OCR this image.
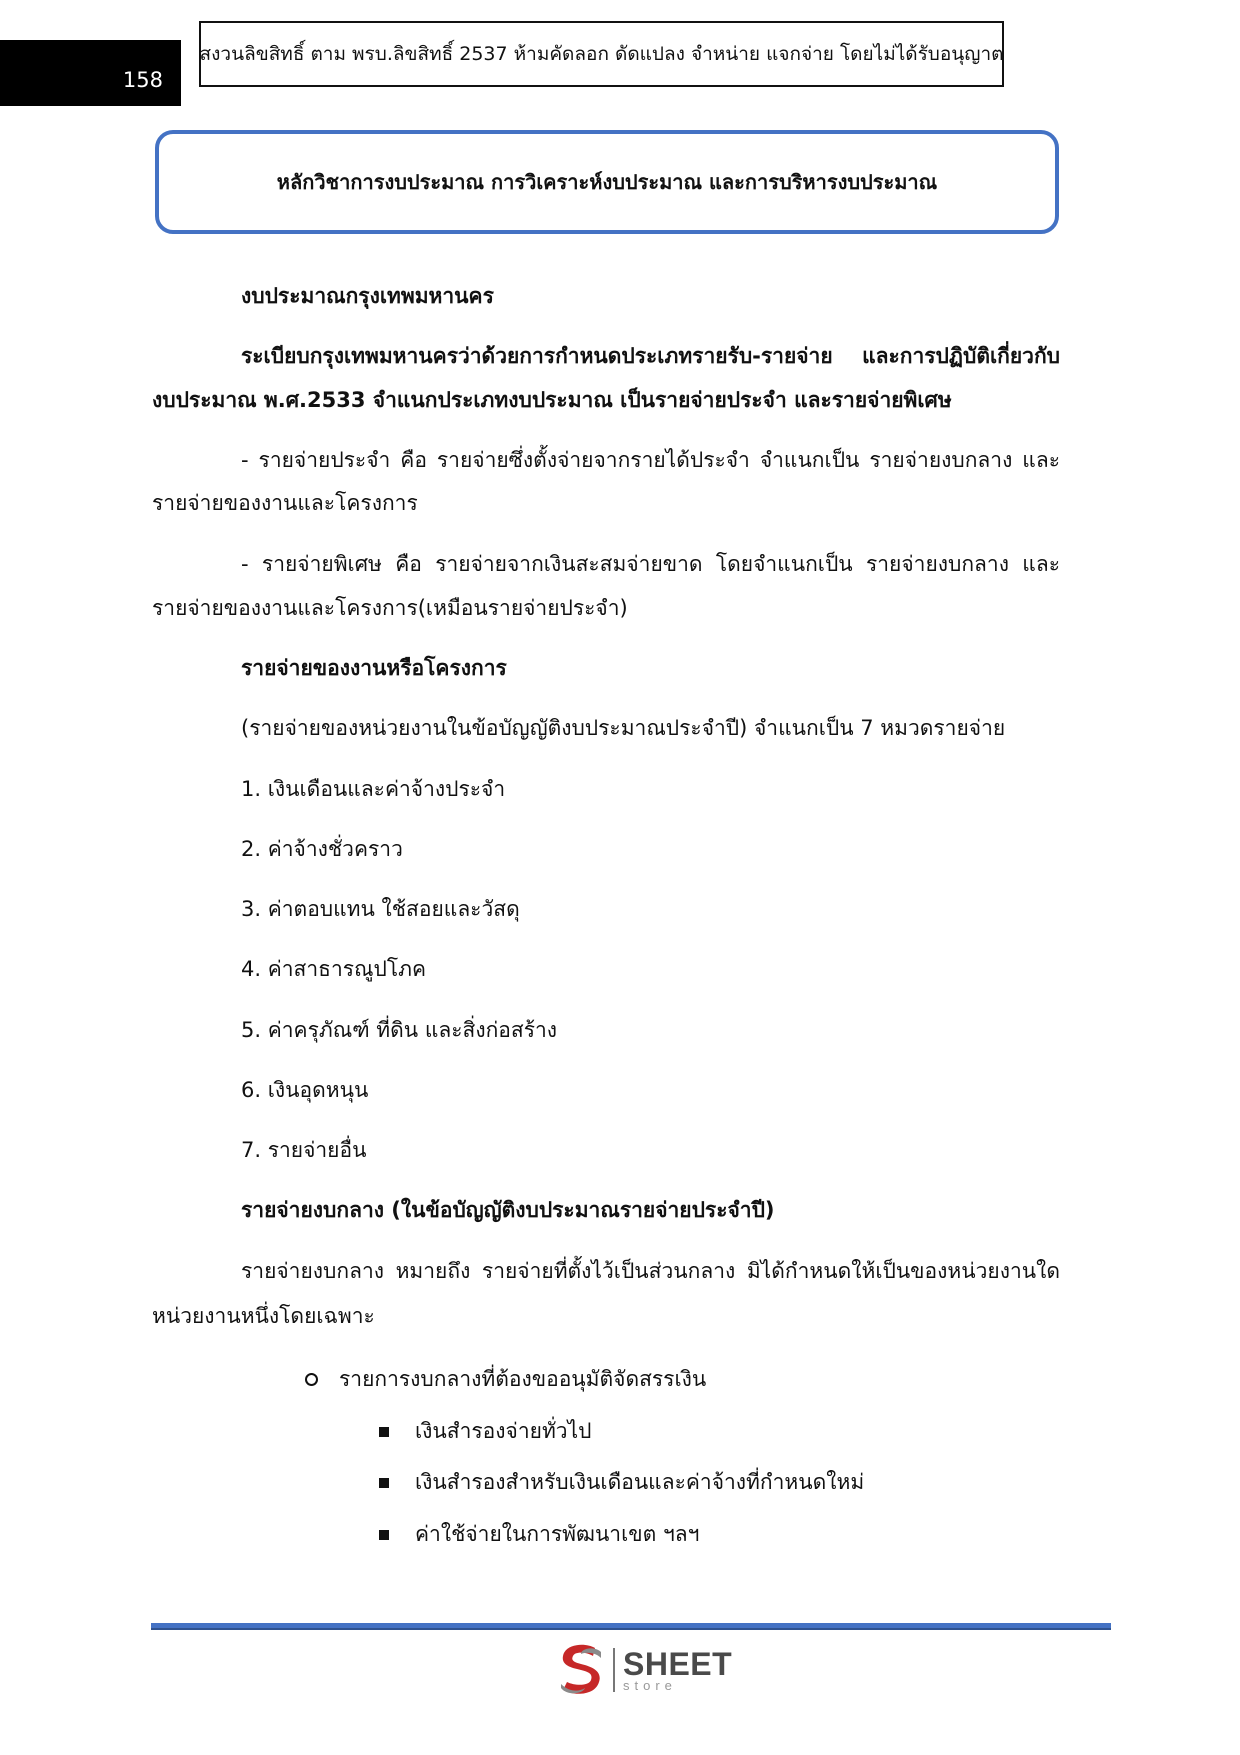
158
สงวนลิขสิทธิ์ ตาม พรบ.ลิขสิทธิ์ 2537 ห้ามคัดลอก ดัดแปลง จำหน่าย แจกจ่าย โดยไม่ได้รับอนุญาต
หลักวิชาการงบประมาณ การวิเคราะห์งบประมาณ และการบริหารงบประมาณ
งบประมาณกรุงเทพมหานคร
ระเบียบกรุงเทพมหานครว่าด้วยการกำหนดประเภทรายรับ-รายจ่าย และการปฏิบัติเกี่ยวกับ
งบประมาณ พ.ศ.2533 จำแนกประเภทงบประมาณ เป็นรายจ่ายประจำ และรายจ่ายพิเศษ
- รายจ่ายประจำ คือ รายจ่ายซึ่งตั้งจ่ายจากรายได้ประจำ จำแนกเป็น รายจ่ายงบกลาง และ
รายจ่ายของงานและโครงการ
- รายจ่ายพิเศษ คือ รายจ่ายจากเงินสะสมจ่ายขาด โดยจำแนกเป็น รายจ่ายงบกลาง และ
รายจ่ายของงานและโครงการ(เหมือนรายจ่ายประจำ)
รายจ่ายของงานหรือโครงการ
(รายจ่ายของหน่วยงานในข้อบัญญัติงบประมาณประจำปี) จำแนกเป็น 7 หมวดรายจ่าย
1. เงินเดือนและค่าจ้างประจำ
2. ค่าจ้างชั่วคราว
3. ค่าตอบแทน ใช้สอยและวัสดุ
4. ค่าสาธารณูปโภค
5. ค่าครุภัณฑ์ ที่ดิน และสิ่งก่อสร้าง
6. เงินอุดหนุน
7. รายจ่ายอื่น
รายจ่ายงบกลาง (ในข้อบัญญัติงบประมาณรายจ่ายประจำปี)
รายจ่ายงบกลาง หมายถึง รายจ่ายที่ตั้งไว้เป็นส่วนกลาง มิได้กำหนดให้เป็นของหน่วยงานใด
หน่วยงานหนึ่งโดยเฉพาะ
รายการงบกลางที่ต้องขออนุมัติจัดสรรเงิน
เงินสำรองจ่ายทั่วไป
เงินสำรองสำหรับเงินเดือนและค่าจ้างที่กำหนดใหม่
ค่าใช้จ่ายในการพัฒนาเขต ฯลฯ
SHEET
store
